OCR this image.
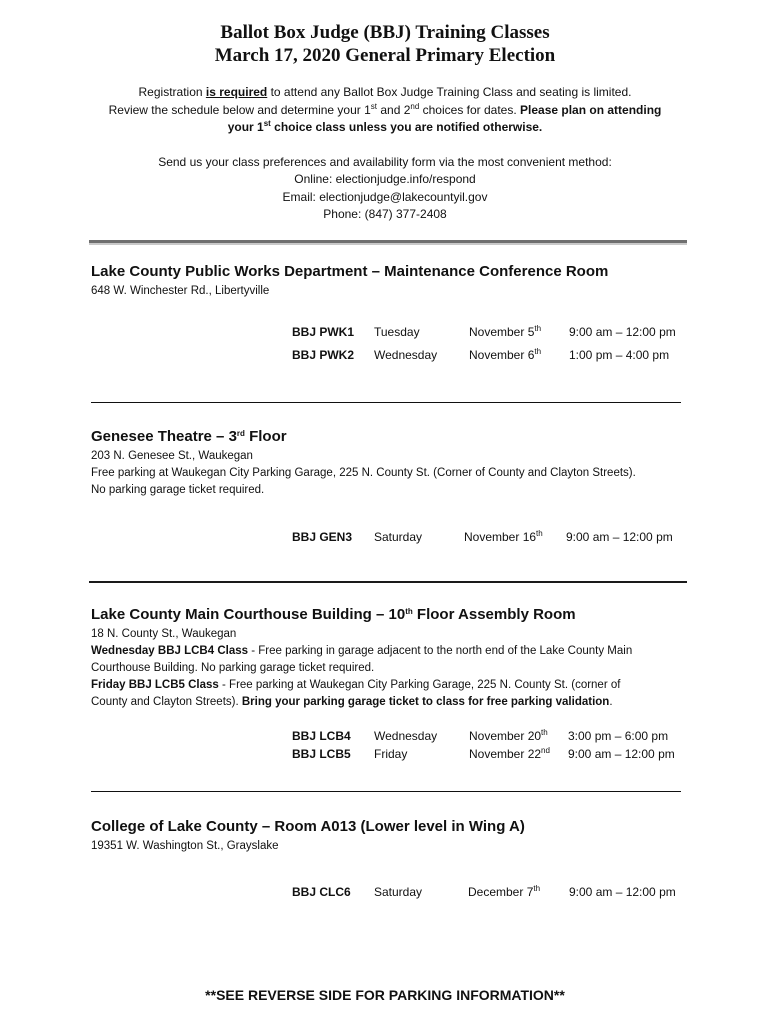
Ballot Box Judge (BBJ) Training Classes
March 17, 2020 General Primary Election

Registration is required to attend any Ballot Box Judge Training Class and seating is limited.

Review the schedule below and determine your 1st and 2nd choices for dates. Please plan on attending

your 1st choice class unless you are notified otherwise.

Send us your class preferences and availability form via the most convenient method:

Online: electionjudge.info/respond

Email: electionjudge@lakecountyil.gov

Phone: (847) 377-2408

Lake County Public Works Department – Maintenance Conference Room
648 W. Winchester Rd., Libertyville
BBJ PWK1 Tuesday	November 5th 9:00 am – 12:00 pm
BBJ PWK2 Wednesday	November 6th 1:00 pm – 4:00 pm
Genesee Theatre – 3rd Floor

203 N. Genesee St., Waukegan

Free parking at Waukegan City Parking Garage, 225 N. County St. (Corner of County and Clayton Streets).

No parking garage ticket required.

BBJ GEN3 Saturday	November 16th 9:00 am – 12:00 pm
Lake County Main Courthouse Building – 10th Floor Assembly Room

18 N. County St., Waukegan

Wednesday BBJ LCB4 Class - Free parking in garage adjacent to the north end of the Lake County Main

Courthouse Building. No parking garage ticket required.

Friday BBJ LCB5 Class - Free parking at Waukegan City Parking Garage, 225 N. County St. (corner of

County and Clayton Streets). Bring your parking garage ticket to class for free parking validation.

BBJ LCB4 Wednesday	November 20th 3:00 pm – 6:00 pm
BBJ LCB5 Friday	November 22nd 9:00 am – 12:00 pm
College of Lake County – Room A013 (Lower level in Wing A)
19351 W. Washington St., Grayslake
BBJ CLC6 Saturday	December 7th 9:00 am – 12:00 pm
**SEE REVERSE SIDE FOR PARKING INFORMATION**
